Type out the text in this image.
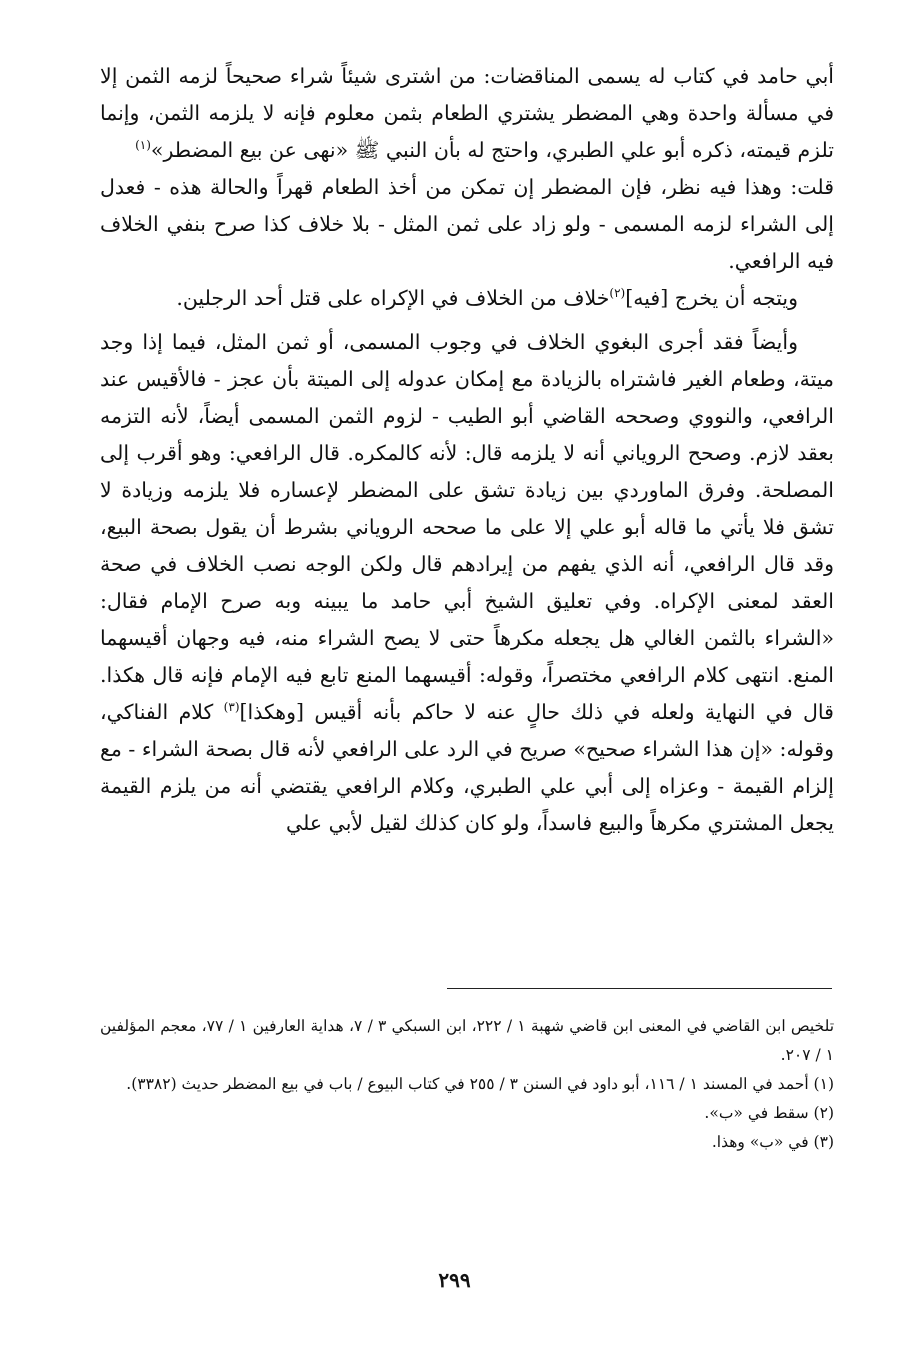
أبي حامد في كتاب له يسمى المناقضات: من اشترى شيئاً شراء صحيحاً لزمه الثمن إلا في مسألة واحدة وهي المضطر يشتري الطعام بثمن معلوم فإنه لا يلزمه الثمن، وإنما تلزم قيمته، ذكره أبو علي الطبري، واحتج له بأن النبي ﷺ «نهى عن بيع المضطر»$^{(١)}$

قلت: وهذا فيه نظر، فإن المضطر إن تمكن من أخذ الطعام قهراً والحالة هذه - فعدل إلى الشراء لزمه المسمى - ولو زاد على ثمن المثل - بلا خلاف كذا صرح بنفي الخلاف فيه الرافعي.

ويتجه أن يخرج [فيه]$^{(٢)}$خلاف من الخلاف في الإكراه على قتل أحد الرجلين.

وأيضاً فقد أجرى البغوي الخلاف في وجوب المسمى، أو ثمن المثل، فيما إذا وجد ميتة، وطعام الغير فاشتراه بالزيادة مع إمكان عدوله إلى الميتة بأن عجز - فالأقيس عند الرافعي، والنووي وصححه القاضي أبو الطيب - لزوم الثمن المسمى أيضاً، لأنه التزمه بعقد لازم. وصحح الروياني أنه لا يلزمه قال: لأنه كالمكره. قال الرافعي: وهو أقرب إلى المصلحة. وفرق الماوردي بين زيادة تشق على المضطر لإعساره فلا يلزمه وزيادة لا تشق فلا يأتي ما قاله أبو علي إلا على ما صححه الروياني بشرط أن يقول بصحة البيع، وقد قال الرافعي، أنه الذي يفهم من إيرادهم قال ولكن الوجه نصب الخلاف في صحة العقد لمعنى الإكراه. وفي تعليق الشيخ أبي حامد ما يبينه وبه صرح الإمام فقال: «الشراء بالثمن الغالي هل يجعله مكرهاً حتى لا يصح الشراء منه، فيه وجهان أقيسهما المنع. انتهى كلام الرافعي مختصراً، وقوله: أقيسهما المنع تابع فيه الإمام فإنه قال هكذا. قال في النهاية ولعله في ذلك حالٍ عنه لا حاكم بأنه أقيس [وهكذا]$^{(٣)}$ كلام الفناكي، وقوله: «إن هذا الشراء صحيح» صريح في الرد على الرافعي لأنه قال بصحة الشراء - مع إلزام القيمة - وعزاه إلى أبي علي الطبري، وكلام الرافعي يقتضي أنه من يلزم القيمة يجعل المشتري مكرهاً والبيع فاسداً، ولو كان كذلك لقيل لأبي علي

تلخيص ابن القاضي في المعنى ابن قاضي شهبة ١ / ٢٢٢، ابن السبكي ٣ / ٧، هداية العارفين ١ / ٧٧، معجم المؤلفين ١ / ٢٠٧.

(١) أحمد في المسند ١ / ١١٦، أبو داود في السنن ٣ / ٢٥٥ في كتاب البيوع / باب في بيع المضطر حديث (٣٣٨٢).

(٢) سقط في «ب».

(٣) في «ب» وهذا.

٢٩٩
